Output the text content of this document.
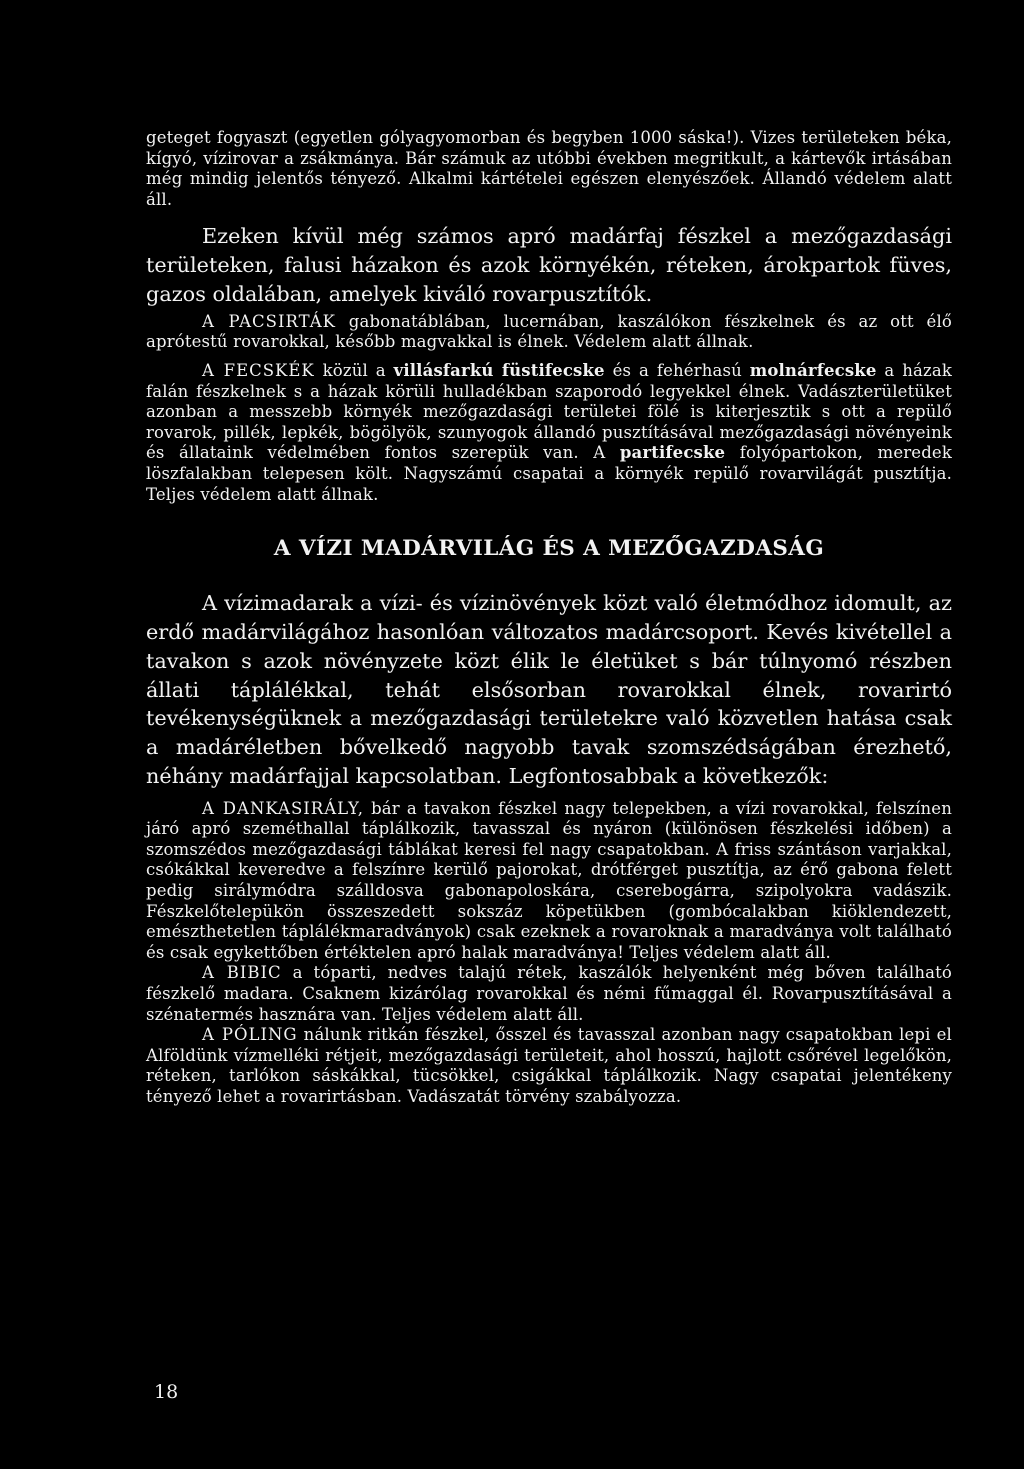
geteget fogyaszt (egyetlen gólyagyomorban és begyben 1000 sáska!). Vizes területeken béka, kígyó, vízirovar a zsákmánya. Bár számuk az utóbbi években megritkult, a kártevők irtásában még mindig jelentős tényező. Alkalmi kártételei egészen elenyészőek. Állandó védelem alatt áll.

Ezeken kívül még számos apró madárfaj fészkel a mezőgazdasági területeken, falusi házakon és azok környékén, réteken, árokpartok füves, gazos oldalában, amelyek kiváló rovarpusztítók.

A PACSIRTÁK gabonatáblában, lucernában, kaszálókon fészkelnek és az ott élő aprótestű rovarokkal, később magvakkal is élnek. Védelem alatt állnak.

A FECSKÉK közül a villásfarkú füstifecske és a fehérhasú molnárfecske a házak falán fészkelnek s a házak körüli hulladékban szaporodó legyekkel élnek. Vadászterületüket azonban a messzebb környék mezőgazdasági területei fölé is kiterjesztik s ott a repülő rovarok, pillék, lepkék, bögölyök, szunyogok állandó pusztításával mezőgazdasági növényeink és állataink védelmében fontos szerepük van. A partifecske folyópartokon, meredek löszfalakban telepesen költ. Nagyszámú csapatai a környék repülő rovarvilágát pusztítja. Teljes védelem alatt állnak.

A VÍZI MADÁRVILÁG ÉS A MEZŐGAZDASÁG

A vízimadarak a vízi- és vízinövények közt való életmódhoz idomult, az erdő madárvilágához hasonlóan változatos madárcsoport. Kevés kivétellel a tavakon s azok növényzete közt élik le életüket s bár túlnyomó részben állati táplálékkal, tehát elsősorban rovarokkal élnek, rovarirtó tevékenységüknek a mezőgazdasági területekre való közvetlen hatása csak a madáréletben bővelkedő nagyobb tavak szomszédságában érezhető, néhány madárfajjal kapcsolatban. Legfontosabbak a következők:

A DANKASIRÁLY, bár a tavakon fészkel nagy telepekben, a vízi rovarokkal, felszínen járó apró szeméthallal táplálkozik, tavasszal és nyáron (különösen fészkelési időben) a szomszédos mezőgazdasági táblákat keresi fel nagy csapatokban. A friss szántáson varjakkal, csókákkal keveredve a felszínre kerülő pajorokat, drótférget pusztítja, az érő gabona felett pedig sirálymódra szálldosva gabonapoloskára, cserebogárra, szipolyokra vadászik. Fészkelőtelepükön összeszedett sokszáz köpetükben (gombócalakban kiöklendezett, emészthetetlen táplálékmaradványok) csak ezeknek a rovaroknak a maradványa volt található és csak egykettőben értéktelen apró halak maradványa! Teljes védelem alatt áll.

A BIBIC a tóparti, nedves talajú rétek, kaszálók helyenként még bőven található fészkelő madara. Csaknem kizárólag rovarokkal és némi fűmaggal él. Rovarpusztításával a szénatermés hasznára van. Teljes védelem alatt áll.

A PÓLING nálunk ritkán fészkel, ősszel és tavasszal azonban nagy csapatokban lepi el Alföldünk vízmelléki rétjeit, mezőgazdasági területeit, ahol hosszú, hajlott csőrével legelőkön, réteken, tarlókon sáskákkal, tücsökkel, csigákkal táplálkozik. Nagy csapatai jelentékeny tényező lehet a rovarirtásban. Vadászatát törvény szabályozza.

18
